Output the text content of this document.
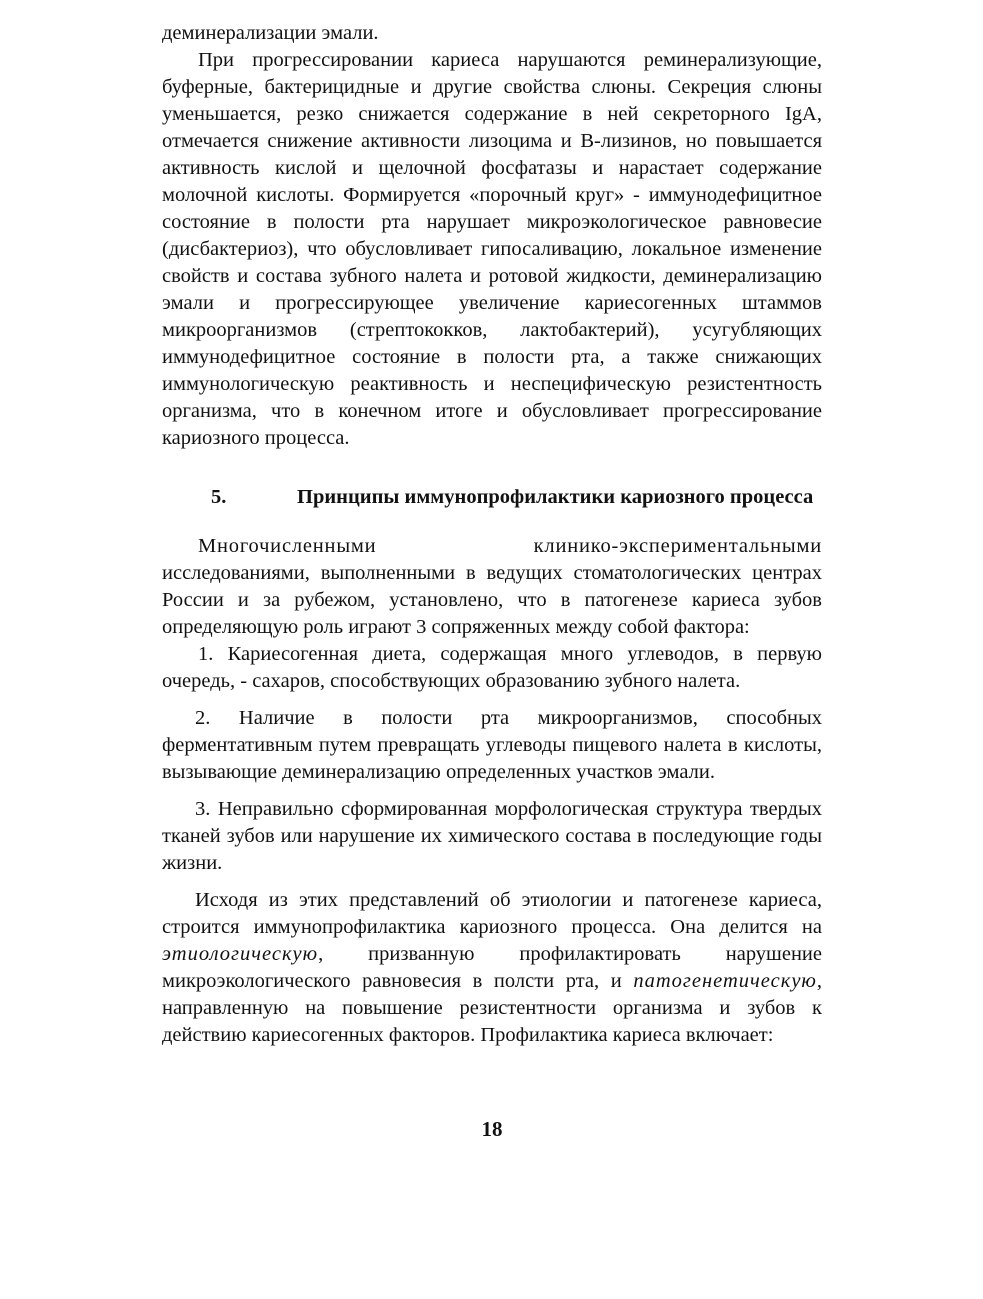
деминерализации эмали.

При прогрессировании кариеса нарушаются реминерализующие, буферные, бактерицидные и другие свойства слюны. Секреция слюны уменьшается, резко снижается содержание в ней секреторного IgA, отмечается снижение активности лизоцима и В-лизинов, но повышается активность кислой и щелочной фосфатазы и нарастает содержание молочной кислоты. Формируется «порочный круг» - иммунодефицитное состояние в полости рта нарушает микроэкологическое равновесие (дисбактериоз), что обусловливает гипосаливацию, локальное изменение свойств и состава зубного налета и ротовой жидкости, деминерализацию эмали и прогрессирующее увеличение кариесогенных штаммов микроорганизмов (стрептококков, лактобактерий), усугубляющих иммунодефицитное состояние в полости рта, а также снижающих иммунологическую реактивность и неспецифическую резистентность организма, что в конечном итоге и обусловливает прогрессирование кариозного процесса.

5.	Принципы иммунопрофилактики кариозного процесса
Многочисленными	клинико-экспериментальными

исследованиями, выполненными в ведущих стоматологических центрах России и за рубежом, установлено, что в патогенезе кариеса зубов определяющую роль играют 3 сопряженных между собой фактора:

1. Кариесогенная диета, содержащая много углеводов, в первую очередь, - сахаров, способствующих образованию зубного налета.

2. Наличие в полости рта микроорганизмов, способных ферментативным путем превращать углеводы пищевого налета в кислоты, вызывающие деминерализацию определенных участков эмали.

3. Неправильно сформированная морфологическая структура твердых тканей зубов или нарушение их химического состава в последующие годы жизни.

Исходя из этих представлений об этиологии и патогенезе кариеса, строится иммунопрофилактика кариозного процесса. Она делится на этиологическую, призванную профилактировать нарушение микроэкологического равновесия в полсти рта, и патогенетическую, направленную на повышение резистентности организма и зубов к действию кариесогенных факторов. Профилактика кариеса включает:

18
